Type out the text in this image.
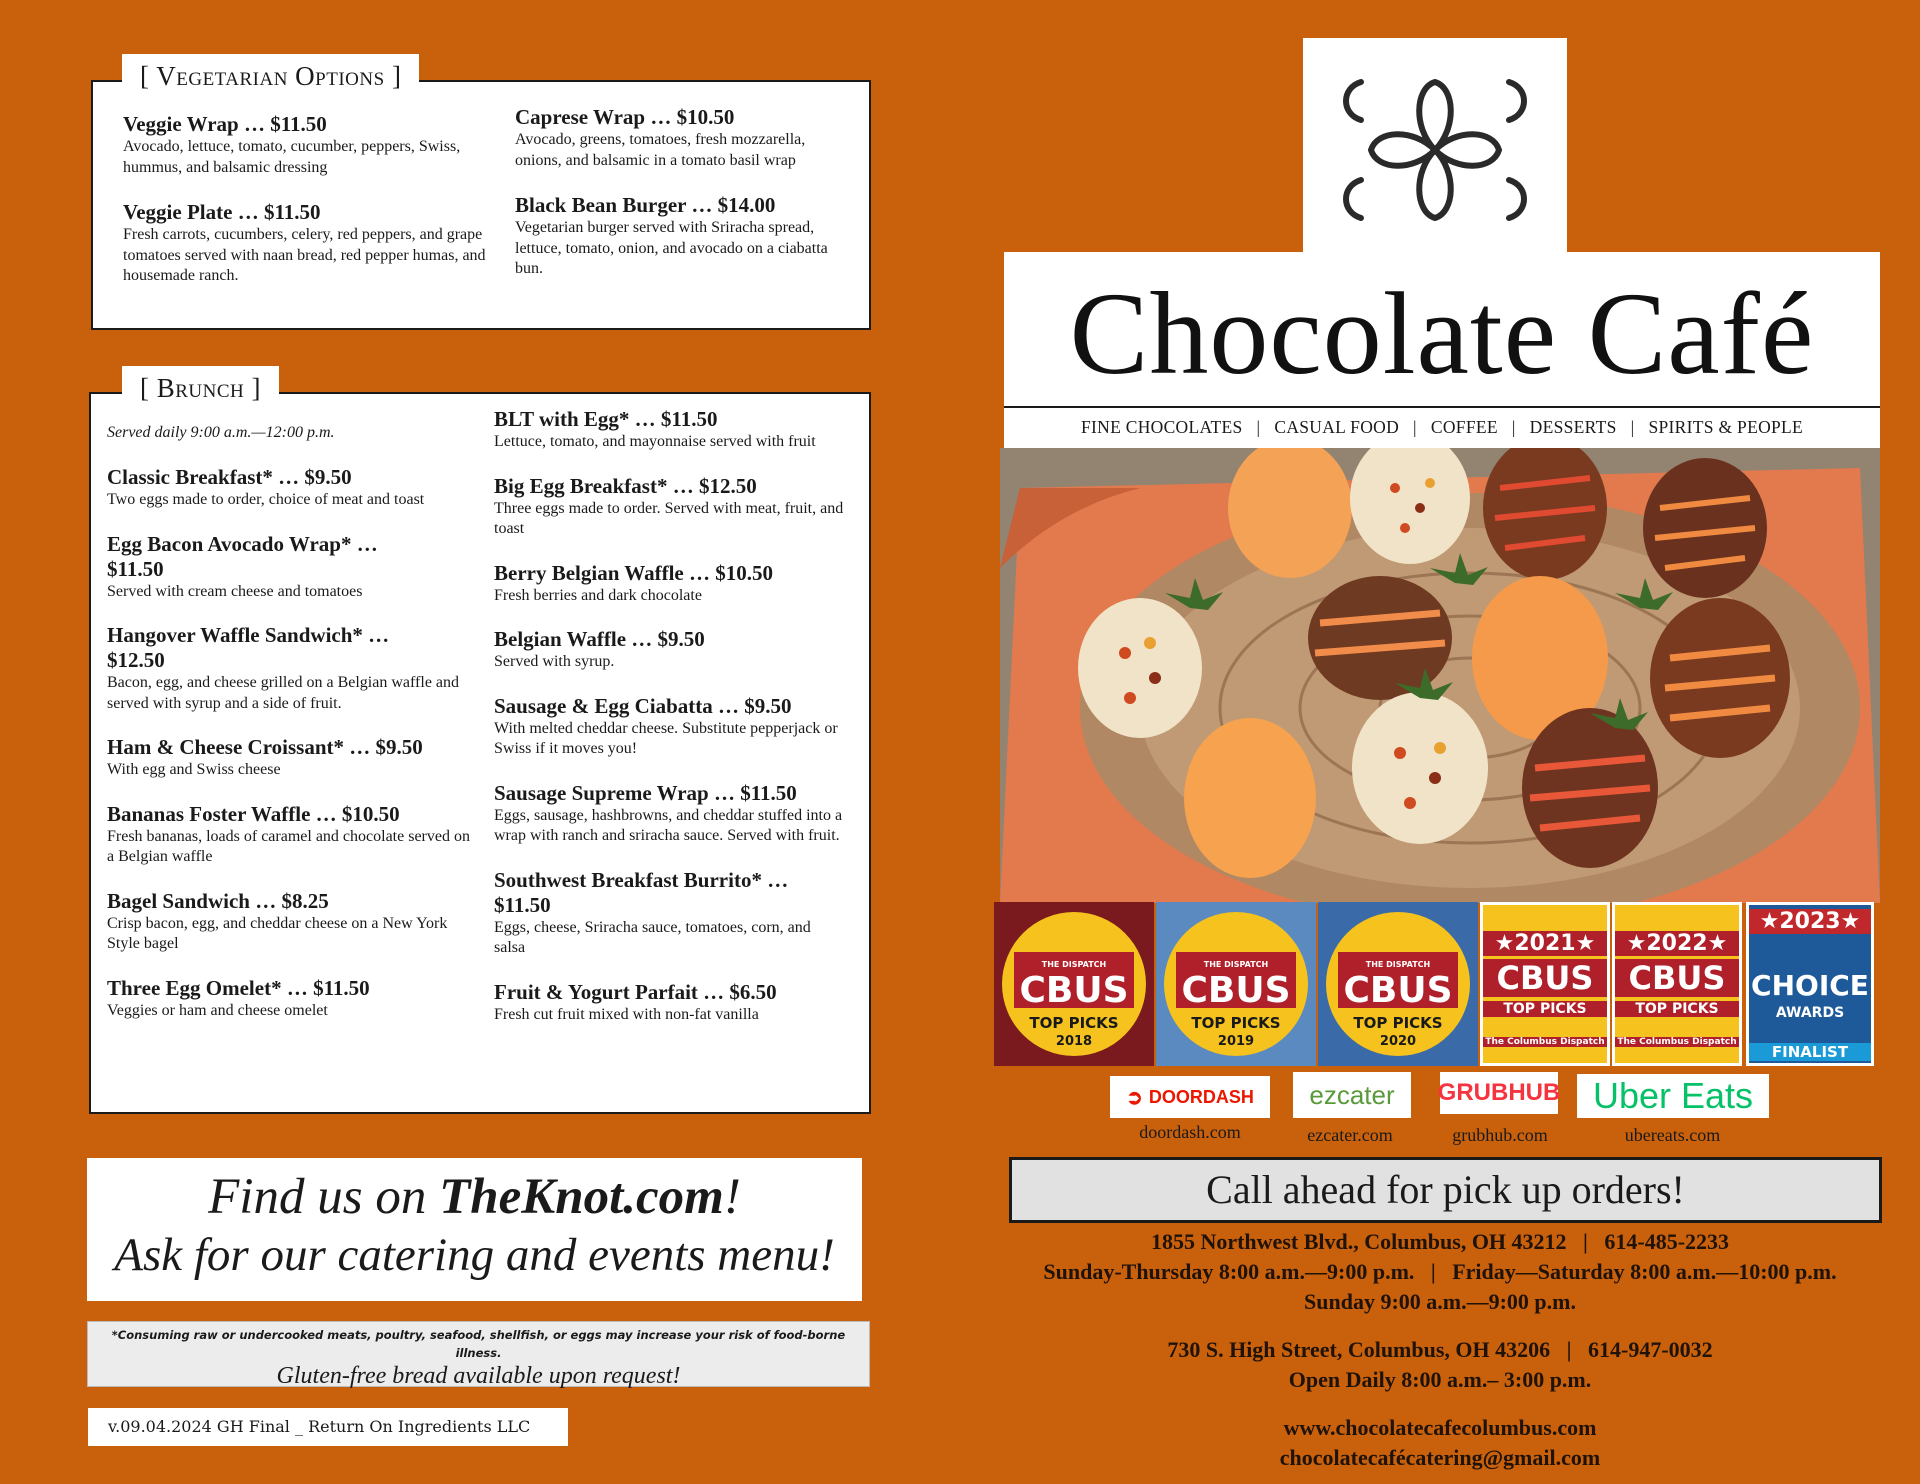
[ Vegetarian Options ]
Veggie Wrap … $11.50
Avocado, lettuce, tomato, cucumber, peppers, Swiss, hummus, and balsamic dressing
Veggie Plate … $11.50
Fresh carrots, cucumbers, celery, red peppers, and grape tomatoes served with naan bread, red pepper humas, and housemade ranch.
Caprese Wrap … $10.50
Avocado, greens, tomatoes, fresh mozzarella, onions, and balsamic in a tomato basil wrap
Black Bean Burger … $14.00
Vegetarian burger served with Sriracha spread, lettuce, tomato, onion, and avocado on a ciabatta bun.
[ Brunch ]
Served daily 9:00 a.m.—12:00 p.m.
Classic Breakfast* … $9.50
Two eggs made to order, choice of meat and toast
Egg Bacon Avocado Wrap* … $11.50
Served with cream cheese and tomatoes
Hangover Waffle Sandwich* … $12.50
Bacon, egg, and cheese grilled on a Belgian waffle and served with syrup and a side of fruit.
Ham & Cheese Croissant* … $9.50
With egg and Swiss cheese
Bananas Foster Waffle … $10.50
Fresh bananas, loads of caramel and chocolate served on a Belgian waffle
Bagel Sandwich … $8.25
Crisp bacon, egg, and cheddar cheese on a New York Style bagel
Three Egg Omelet* … $11.50
Veggies or ham and cheese omelet
BLT with Egg* … $11.50
Lettuce, tomato, and mayonnaise served with fruit
Big Egg Breakfast* … $12.50
Three eggs made to order. Served with meat, fruit, and toast
Berry Belgian Waffle … $10.50
Fresh berries and dark chocolate
Belgian Waffle … $9.50
Served with syrup.
Sausage & Egg Ciabatta … $9.50
With melted cheddar cheese. Substitute pepperjack or Swiss if it moves you!
Sausage Supreme Wrap … $11.50
Eggs, sausage, hashbrowns, and cheddar stuffed into a wrap with ranch and sriracha sauce. Served with fruit.
Southwest Breakfast Burrito* … $11.50
Eggs, cheese, Sriracha sauce, tomatoes, corn, and salsa
Fruit & Yogurt Parfait … $6.50
Fresh cut fruit mixed with non-fat vanilla
Find us on TheKnot.com!
Ask for our catering and events menu!
*Consuming raw or undercooked meats, poultry, seafood, shellfish, or eggs may increase your risk of food-borne illness.
Gluten-free bread available upon request!
v.09.04.2024 GH Final _ Return On Ingredients LLC
Chocolate Café
FINE CHOCOLATES   |   CASUAL FOOD   |   COFFEE   |   DESSERTS   |   SPIRITS & PEOPLE
THE DISPATCH
CBUS
TOP PICKS
2018
THE DISPATCH
CBUS
TOP PICKS
2019
THE DISPATCH
CBUS
TOP PICKS
2020
★2021★
CBUS
TOP PICKS
The Columbus Dispatch
★2022★
CBUS
TOP PICKS
The Columbus Dispatch
★2023★
CHOICE
AWARDS
FINALIST
➲ DOORDASH ezcater GRUBHUB Uber Eats
doordash.com	ezcater.com	grubhub.com	ubereats.com
Call ahead for pick up orders!
1855 Northwest Blvd., Columbus, OH 43212   |   614-485-2233
Sunday-Thursday 8:00 a.m.—9:00 p.m.   |   Friday—Saturday 8:00 a.m.—10:00 p.m.
Sunday 9:00 a.m.—9:00 p.m.
730 S. High Street, Columbus, OH 43206   |   614-947-0032
Open Daily 8:00 a.m.– 3:00 p.m.
www.chocolatecafecolumbus.com
chocolatecafécatering@gmail.com
